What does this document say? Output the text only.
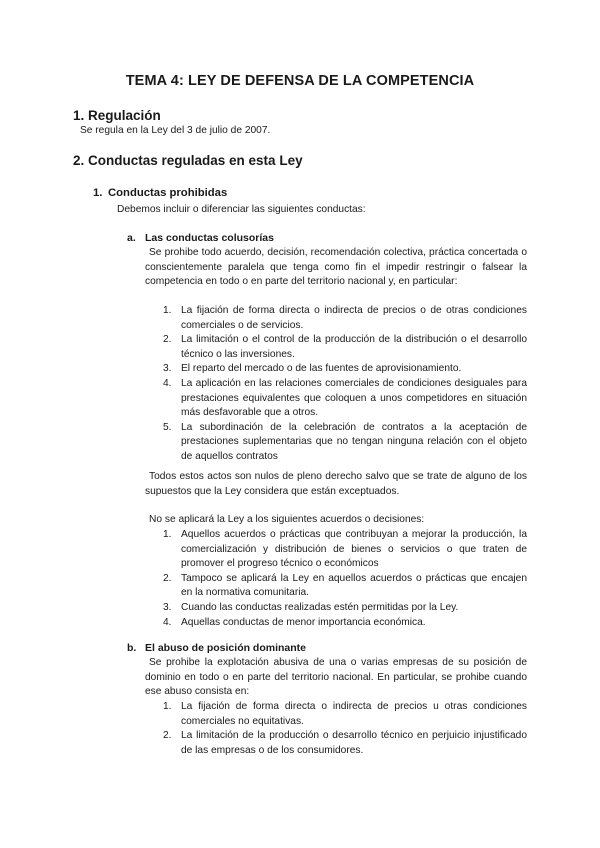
TEMA 4: LEY DE DEFENSA DE LA COMPETENCIA
1. Regulación
Se regula en la Ley del 3 de julio de 2007.
2. Conductas reguladas en esta Ley
1. Conductas prohibidas
Debemos incluir o diferenciar las siguientes conductas:
a. Las conductas colusorías
Se prohibe todo acuerdo, decisión, recomendación colectiva, práctica concertada o conscientemente paralela que tenga como fin el impedir restringir o falsear la competencia en todo o en parte del territorio nacional y, en particular:
1. La fijación de forma directa o indirecta de precios o de otras condiciones comerciales o de servicios.
2. La limitación o el control de la producción de la distribución o el desarrollo técnico o las inversiones.
3. El reparto del mercado o de las fuentes de aprovisionamiento.
4. La aplicación en las relaciones comerciales de condiciones desiguales para prestaciones equivalentes que coloquen a unos competidores en situación más desfavorable que a otros.
5. La subordinación de la celebración de contratos a la aceptación de prestaciones suplementarias que no tengan ninguna relación con el objeto de aquellos contratos
Todos estos actos son nulos de pleno derecho salvo que se trate de alguno de los supuestos que la Ley considera que están exceptuados.
No se aplicará la Ley a los siguientes acuerdos o decisiones:
1. Aquellos acuerdos o prácticas que contribuyan a mejorar la producción, la comercialización y distribución de bienes o servicios o que traten de promover el progreso técnico o económicos
2. Tampoco se aplicará la Ley en aquellos acuerdos o prácticas que encajen en la normativa comunitaria.
3. Cuando las conductas realizadas estén permitidas por la Ley.
4. Aquellas conductas de menor importancia económica.
b. El abuso de posición dominante
Se prohibe la explotación abusiva de una o varias empresas de su posición de dominio en todo o en parte del territorio nacional. En particular, se prohibe cuando ese abuso consista en:
1. La fijación de forma directa o indirecta de precios u otras condiciones comerciales no equitativas.
2. La limitación de la producción o desarrollo técnico en perjuicio injustificado de las empresas o de los consumidores.
